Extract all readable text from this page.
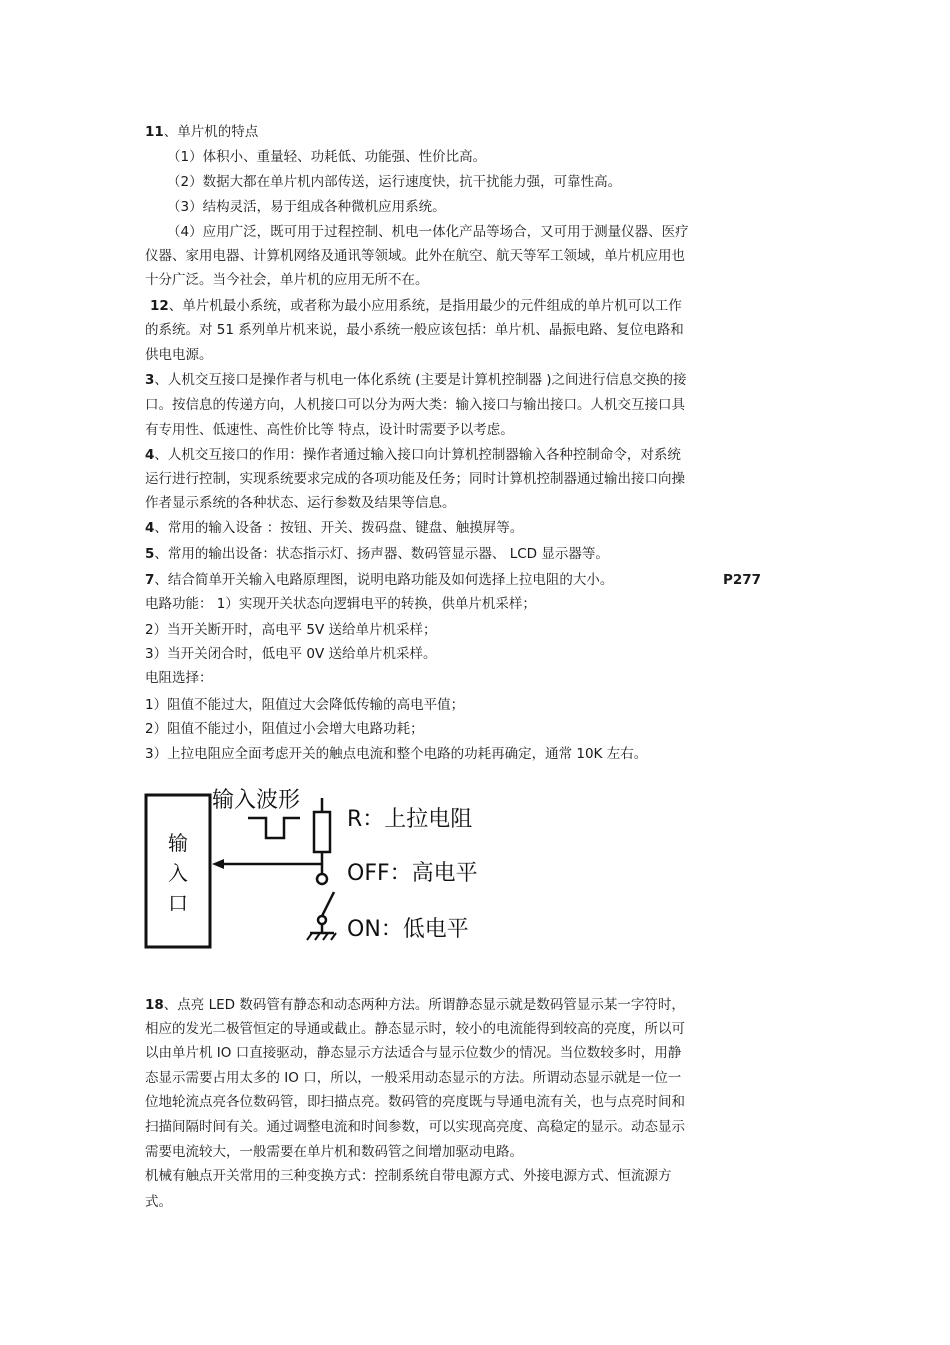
11、单片机的特点
（1）体积小、重量轻、功耗低、功能强、性价比高。
（2）数据大都在单片机内部传送，运行速度快，抗干扰能力强，可靠性高。
（3）结构灵活，易于组成各种微机应用系统。
（4）应用广泛，既可用于过程控制、机电一体化产品等场合，又可用于测量仪器、医疗
仪器、家用电器、计算机网络及通讯等领域。此外在航空、航天等军工领域，单片机应用也
十分广泛。当今社会，单片机的应用无所不在。
12、单片机最小系统，或者称为最小应用系统，是指用最少的元件组成的单片机可以工作
的系统。对 51 系列单片机来说，最小系统一般应该包括：单片机、晶振电路、复位电路和
供电电源。
3、人机交互接口是操作者与机电一体化系统 (主要是计算机控制器 )之间进行信息交换的接
口。按信息的传递方向，人机接口可以分为两大类：输入接口与输出接口。人机交互接口具
有专用性、低速性、高性价比等 特点，设计时需要予以考虑。
4、人机交互接口的作用：操作者通过输入接口向计算机控制器输入各种控制命令，对系统
运行进行控制，实现系统要求完成的各项功能及任务；同时计算机控制器通过输出接口向操
作者显示系统的各种状态、运行参数及结果等信息。
4、常用的输入设备 ：按钮、开关、拨码盘、键盘、触摸屏等。
5、常用的输出设备：状态指示灯、扬声器、数码管显示器、 LCD 显示器等。
7、结合简单开关输入电路原理图，说明电路功能及如何选择上拉电阻的大小。
电路功能： 1）实现开关状态向逻辑电平的转换，供单片机采样；
2）当开关断开时，高电平 5V 送给单片机采样；
3）当开关闭合时，低电平 0V 送给单片机采样。
电阻选择：
1）阻值不能过大，阻值过大会降低传输的高电平值；
2）阻值不能过小，阻值过小会增大电路功耗；
3）上拉电阻应全面考虑开关的触点电流和整个电路的功耗再确定，通常 10K 左右。
18、点亮 LED 数码管有静态和动态两种方法。所谓静态显示就是数码管显示某一字符时，
相应的发光二极管恒定的导通或截止。静态显示时，较小的电流能得到较高的亮度，所以可
以由单片机 IO 口直接驱动，静态显示方法适合与显示位数少的情况。当位数较多时，用静
态显示需要占用太多的 IO 口，所以，一般采用动态显示的方法。所谓动态显示就是一位一
位地轮流点亮各位数码管，即扫描点亮。数码管的亮度既与导通电流有关，也与点亮时间和
扫描间隔时间有关。通过调整电流和时间参数，可以实现高亮度、高稳定的显示。动态显示
需要电流较大，一般需要在单片机和数码管之间增加驱动电路。
机械有触点开关常用的三种变换方式：控制系统自带电源方式、外接电源方式、恒流源方
式。
P277
输
入
口
输入波形
R：上拉电阻
OFF：高电平
ON：低电平
